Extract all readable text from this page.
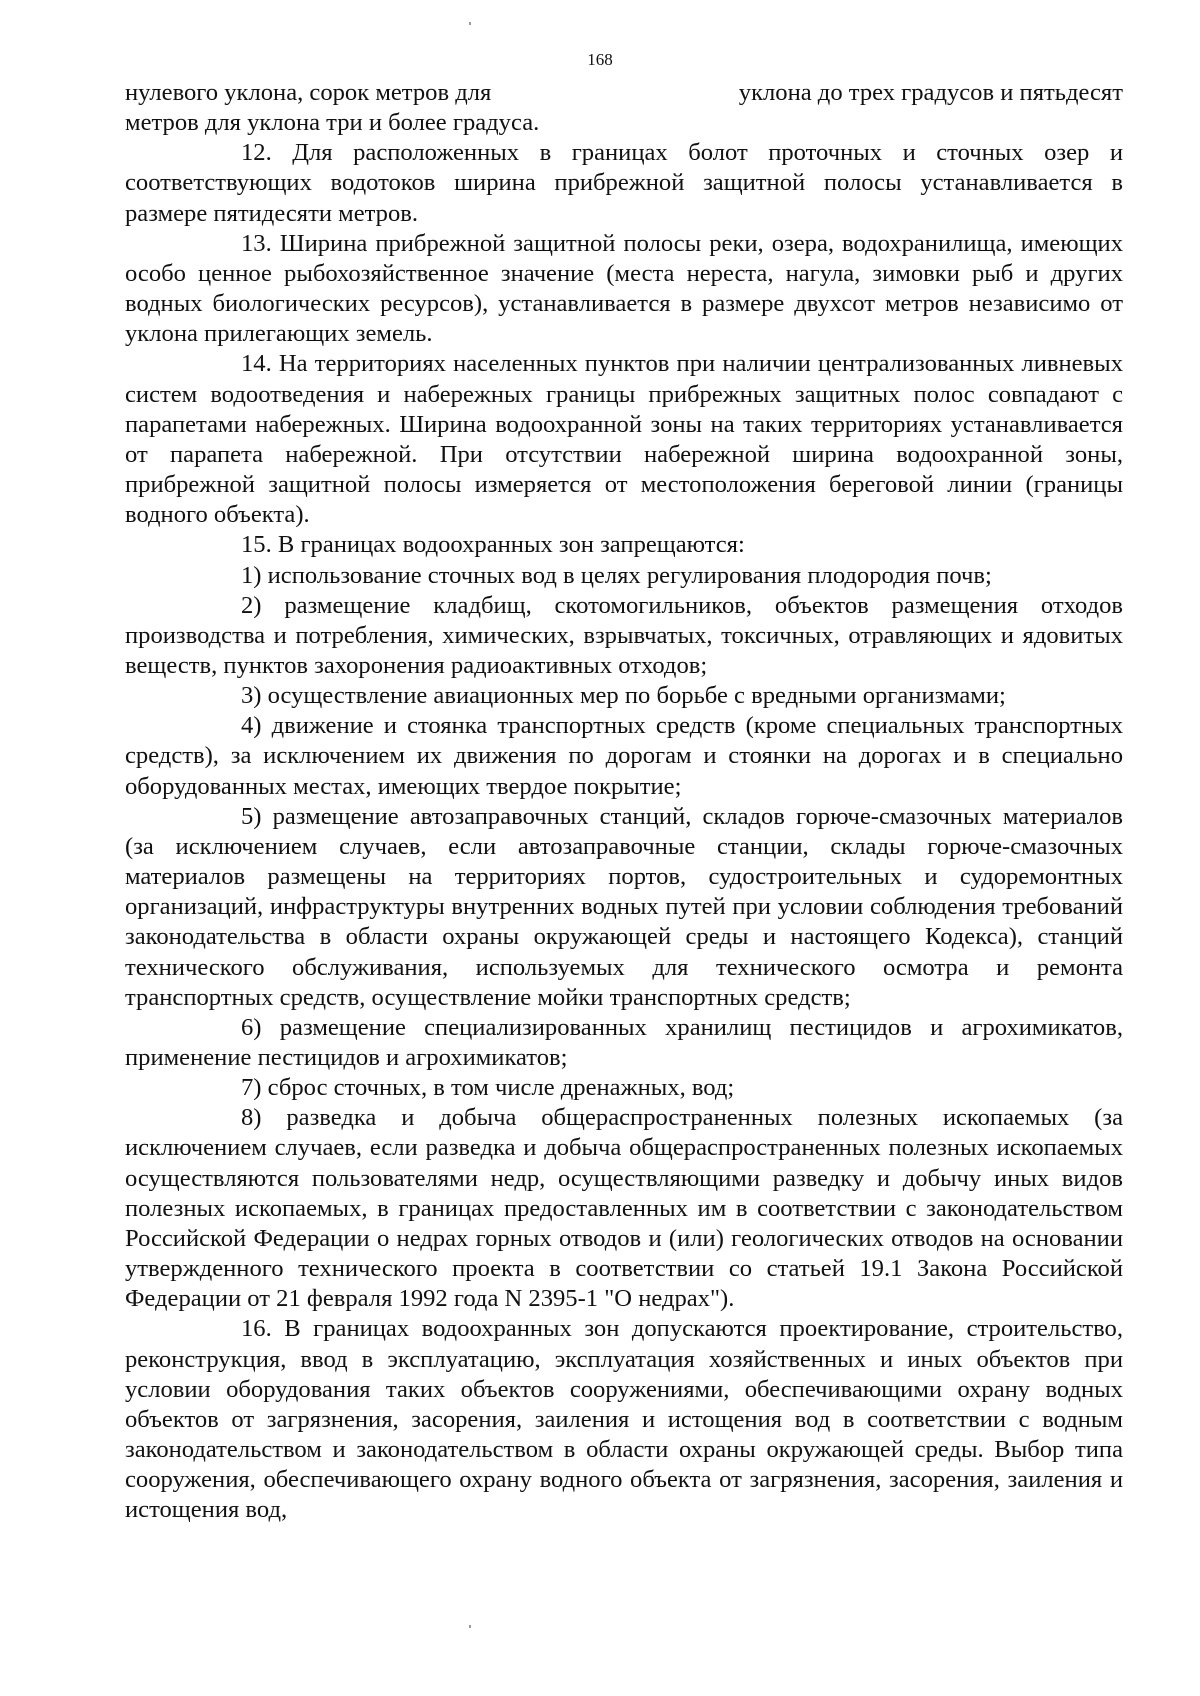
168
нулевого уклона, сорок метров для	уклона до трех градусов и пятьдесят

метров для уклона три и более градуса.

12. Для расположенных в границах болот проточных и сточных озер и соответствующих водотоков ширина прибрежной защитной полосы устанавливается в размере пятидесяти метров.

13. Ширина прибрежной защитной полосы реки, озера, водохранилища, имеющих особо ценное рыбохозяйственное значение (места нереста, нагула, зимовки рыб и других водных биологических ресурсов), устанавливается в размере двухсот метров независимо от уклона прилегающих земель.

14. На территориях населенных пунктов при наличии централизованных ливневых систем водоотведения и набережных границы прибрежных защитных полос совпадают с парапетами набережных. Ширина водоохранной зоны на таких территориях устанавливается от парапета набережной. При отсутствии набережной ширина водоохранной зоны, прибрежной защитной полосы измеряется от местоположения береговой линии (границы водного объекта).

15. В границах водоохранных зон запрещаются:

1) использование сточных вод в целях регулирования плодородия почв;

2) размещение кладбищ, скотомогильников, объектов размещения отходов производства и потребления, химических, взрывчатых, токсичных, отравляющих и ядовитых веществ, пунктов захоронения радиоактивных отходов;

3) осуществление авиационных мер по борьбе с вредными организмами;

4) движение и стоянка транспортных средств (кроме специальных транспортных средств), за исключением их движения по дорогам и стоянки на дорогах и в специально оборудованных местах, имеющих твердое покрытие;

5) размещение автозаправочных станций, складов горюче-смазочных материалов (за исключением случаев, если автозаправочные станции, склады горюче-смазочных материалов размещены на территориях портов, судостроительных и судоремонтных организаций, инфраструктуры внутренних водных путей при условии соблюдения требований законодательства в области охраны окружающей среды и настоящего Кодекса), станций технического обслуживания, используемых для технического осмотра и ремонта транспортных средств, осуществление мойки транспортных средств;

6) размещение специализированных хранилищ пестицидов и агрохимикатов, применение пестицидов и агрохимикатов;

7) сброс сточных, в том числе дренажных, вод;

8) разведка и добыча общераспространенных полезных ископаемых (за исключением случаев, если разведка и добыча общераспространенных полезных ископаемых осуществляются пользователями недр, осуществляющими разведку и добычу иных видов полезных ископаемых, в границах предоставленных им в соответствии с законодательством Российской Федерации о недрах горных отводов и (или) геологических отводов на основании утвержденного технического проекта в соответствии со статьей 19.1 Закона Российской Федерации от 21 февраля 1992 года N 2395-1 "О недрах").

16. В границах водоохранных зон допускаются проектирование, строительство, реконструкция, ввод в эксплуатацию, эксплуатация хозяйственных и иных объектов при условии оборудования таких объектов сооружениями, обеспечивающими охрану водных объектов от загрязнения, засорения, заиления и истощения вод в соответствии с водным законодательством и законодательством в области охраны окружающей среды. Выбор типа сооружения, обеспечивающего охрану водного объекта от загрязнения, засорения, заиления и истощения вод,
